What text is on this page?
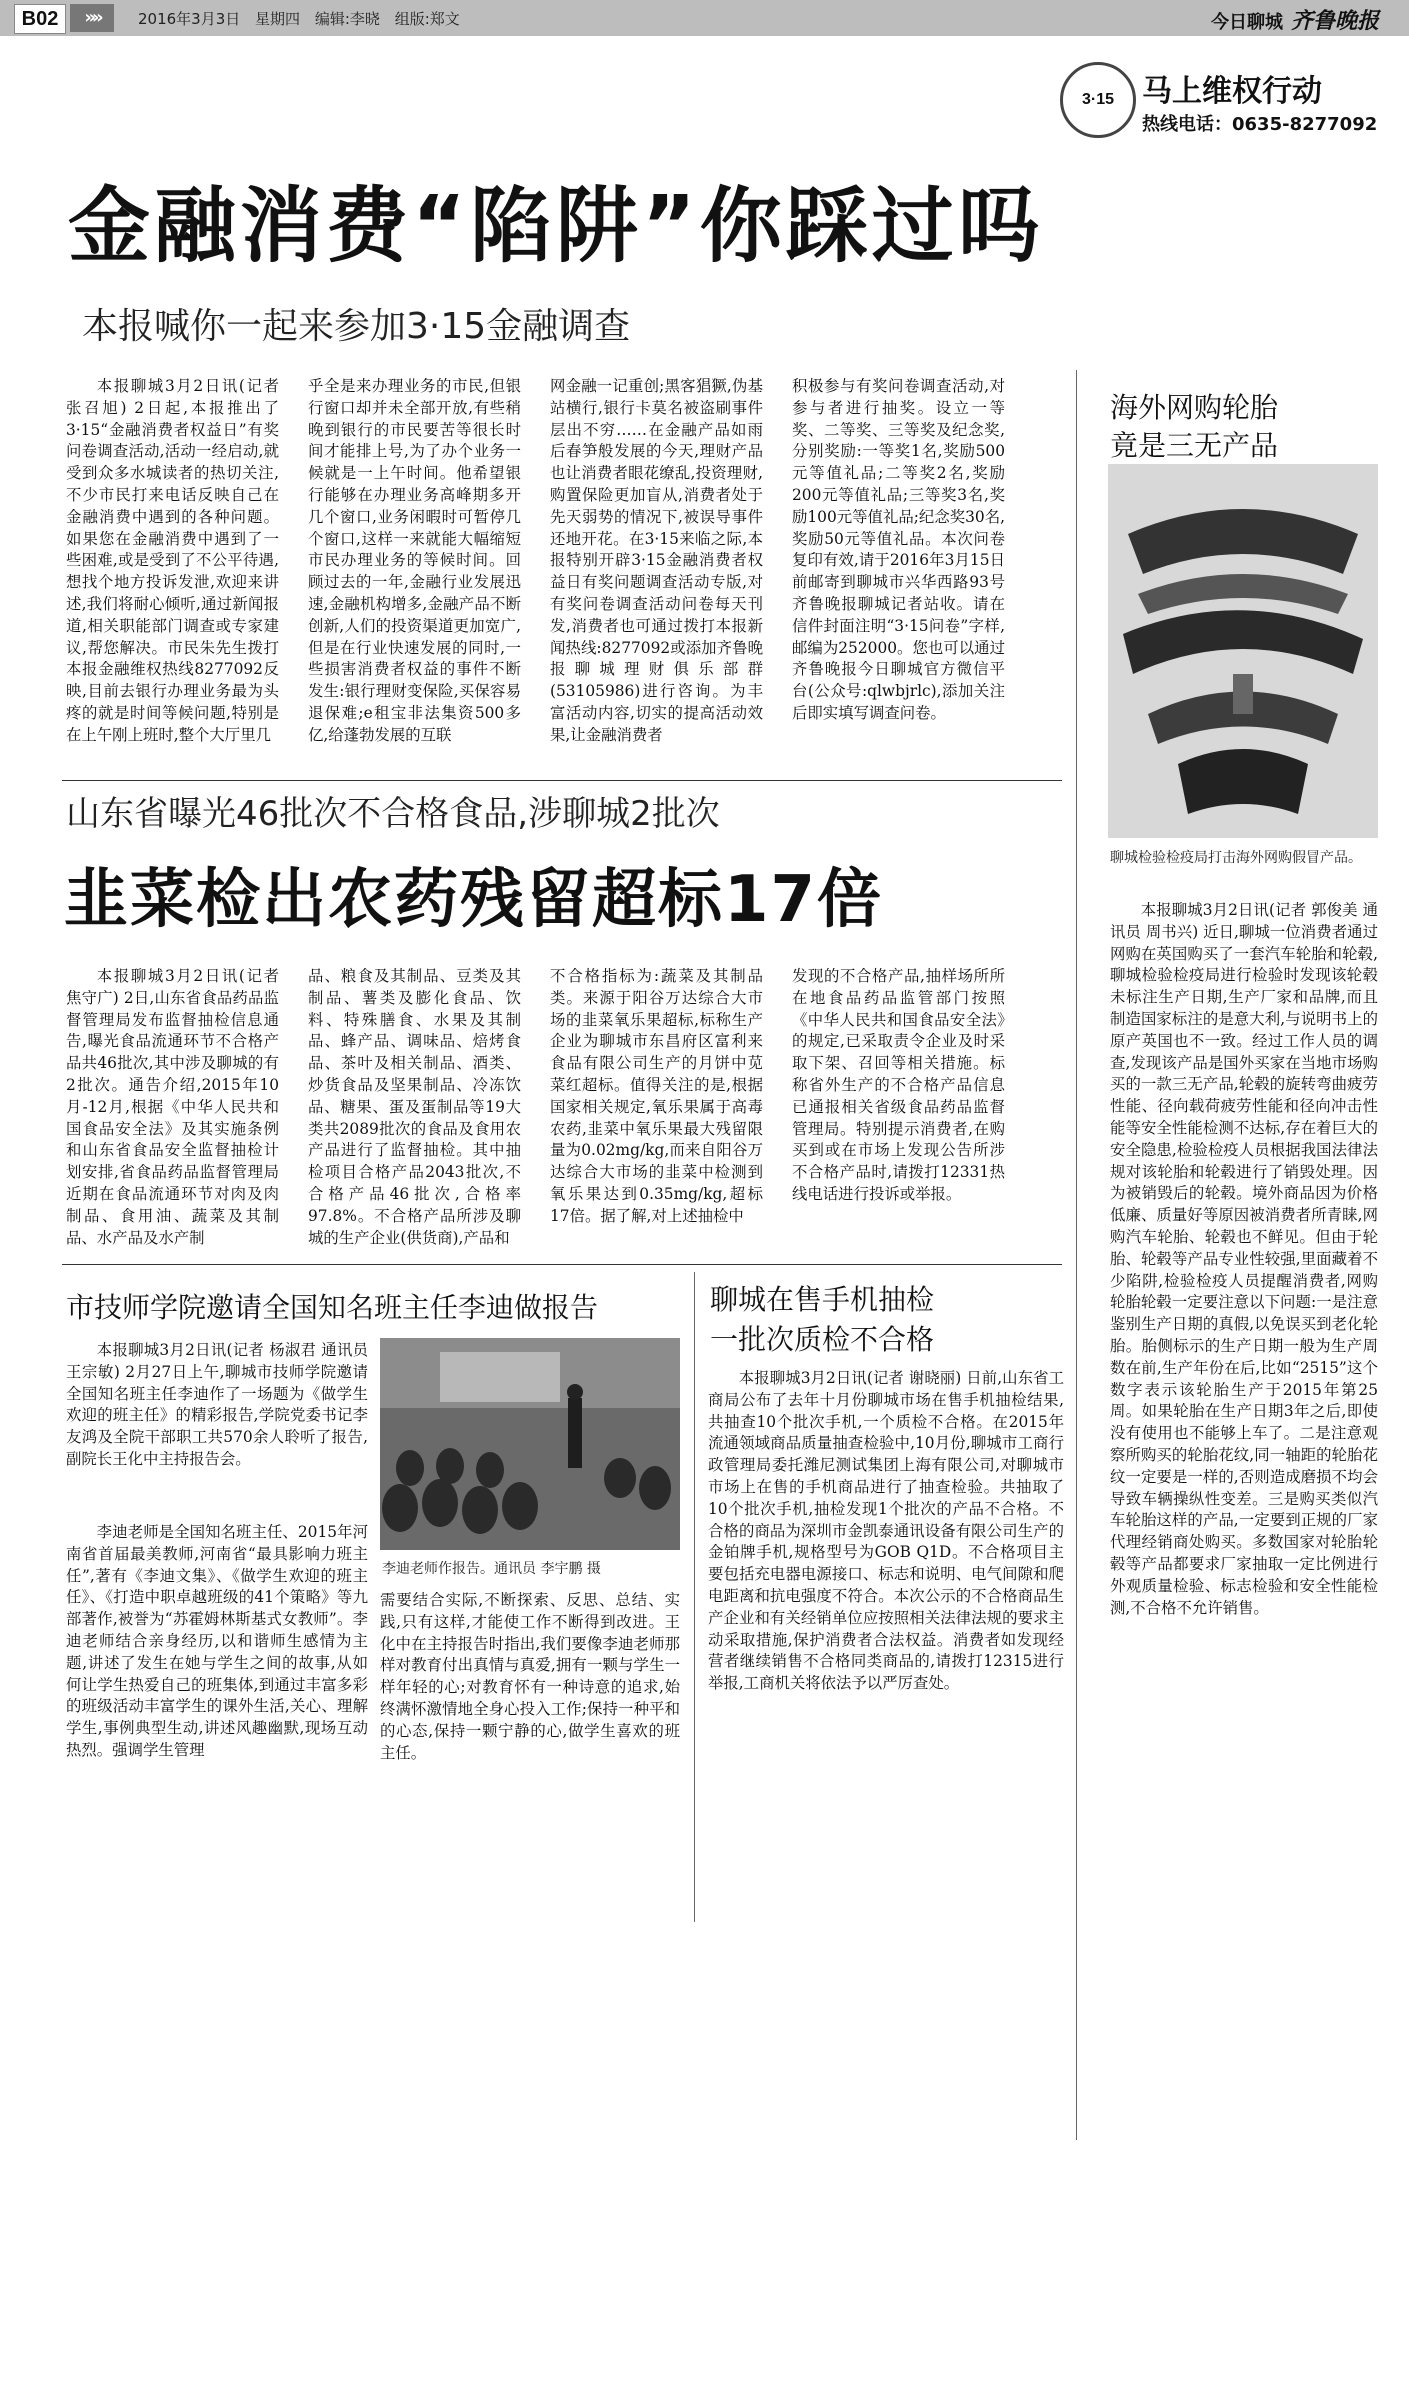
B02	»»	2016年3月3日 星期四 编辑:李晓 组版:郑文	今日聊城 齐鲁晚报
3·15 马上维权行动
热线电话：0635-8277092
金融消费“陷阱”你踩过吗
本报喊你一起来参加3·15金融调查

本报聊城3月2日讯(记者 张召旭) 2日起,本报推出了3·15“金融消费者权益日”有奖问卷调查活动,活动一经启动,就受到众多水城读者的热切关注,不少市民打来电话反映自己在金融消费中遇到的各种问题。如果您在金融消费中遇到了一些困难,或是受到了不公平待遇,想找个地方投诉发泄,欢迎来讲述,我们将耐心倾听,通过新闻报道,相关职能部门调查或专家建议,帮您解决。市民朱先生拨打本报金融维权热线8277092反映,目前去银行办理业务最为头疼的就是时间等候问题,特别是在上午刚上班时,整个大厅里几

乎全是来办理业务的市民,但银行窗口却并未全部开放,有些稍晚到银行的市民要苦等很长时间才能排上号,为了办个业务一候就是一上午时间。他希望银行能够在办理业务高峰期多开几个窗口,业务闲暇时可暂停几个窗口,这样一来就能大幅缩短市民办理业务的等候时间。回顾过去的一年,金融行业发展迅速,金融机构增多,金融产品不断创新,人们的投资渠道更加宽广,但是在行业快速发展的同时,一些损害消费者权益的事件不断发生:银行理财变保险,买保容易退保难;e租宝非法集资500多亿,给蓬勃发展的互联

网金融一记重创;黑客猖獗,伪基站横行,银行卡莫名被盗刷事件层出不穷……在金融产品如雨后春笋般发展的今天,理财产品也让消费者眼花缭乱,投资理财,购置保险更加盲从,消费者处于先天弱势的情况下,被误导事件还地开花。在3·15来临之际,本报特别开辟3·15金融消费者权益日有奖问题调查活动专版,对有奖问卷调查活动问卷每天刊发,消费者也可通过拨打本报新闻热线:8277092或添加齐鲁晚报聊城理财俱乐部群(53105986)进行咨询。为丰富活动内容,切实的提高活动效果,让金融消费者

积极参与有奖问卷调查活动,对参与者进行抽奖。设立一等奖、二等奖、三等奖及纪念奖,分别奖励:一等奖1名,奖励500元等值礼品;二等奖2名,奖励200元等值礼品;三等奖3名,奖励100元等值礼品;纪念奖30名,奖励50元等值礼品。本次问卷复印有效,请于2016年3月15日前邮寄到聊城市兴华西路93号齐鲁晚报聊城记者站收。请在信件封面注明“3·15问卷”字样,邮编为252000。您也可以通过齐鲁晚报今日聊城官方微信平台(公众号:qlwbjrlc),添加关注后即实填写调查问卷。

山东省曝光46批次不合格食品,涉聊城2批次
韭菜检出农药残留超标17倍

本报聊城3月2日讯(记者 焦守广) 2日,山东省食品药品监督管理局发布监督抽检信息通告,曝光食品流通环节不合格产品共46批次,其中涉及聊城的有2批次。通告介绍,2015年10月-12月,根据《中华人民共和国食品安全法》及其实施条例和山东省食品安全监督抽检计划安排,省食品药品监督管理局近期在食品流通环节对肉及肉制品、食用油、蔬菜及其制品、水产品及水产制

品、粮食及其制品、豆类及其制品、薯类及膨化食品、饮料、特殊膳食、水果及其制品、蜂产品、调味品、焙烤食品、茶叶及相关制品、酒类、炒货食品及坚果制品、冷冻饮品、糖果、蛋及蛋制品等19大类共2089批次的食品及食用农产品进行了监督抽检。其中抽检项目合格产品2043批次,不合格产品46批次,合格率97.8%。不合格产品所涉及聊城的生产企业(供货商),产品和

不合格指标为:蔬菜及其制品类。来源于阳谷万达综合大市场的韭菜氧乐果超标,标称生产企业为聊城市东昌府区富利来食品有限公司生产的月饼中苋菜红超标。值得关注的是,根据国家相关规定,氧乐果属于高毒农药,韭菜中氧乐果最大残留限量为0.02mg/kg,而来自阳谷万达综合大市场的韭菜中检测到氧乐果达到0.35mg/kg,超标17倍。据了解,对上述抽检中

发现的不合格产品,抽样场所所在地食品药品监管部门按照《中华人民共和国食品安全法》的规定,已采取责令企业及时采取下架、召回等相关措施。标称省外生产的不合格产品信息已通报相关省级食品药品监督管理局。特别提示消费者,在购买到或在市场上发现公告所涉不合格产品时,请拨打12331热线电话进行投诉或举报。

市技师学院邀请全国知名班主任李迪做报告

本报聊城3月2日讯(记者 杨淑君 通讯员 王宗敏) 2月27日上午,聊城市技师学院邀请全国知名班主任李迪作了一场题为《做学生欢迎的班主任》的精彩报告,学院党委书记李友鸿及全院干部职工共570余人聆听了报告,副院长王化中主持报告会。

李迪老师作报告。通讯员 李宇鹏 摄

李迪老师是全国知名班主任、2015年河南省首届最美教师,河南省“最具影响力班主任”,著有《李迪文集》、《做学生欢迎的班主任》、《打造中职卓越班级的41个策略》等九部著作,被誉为“苏霍姆林斯基式女教师”。李迪老师结合亲身经历,以和谐师生感情为主题,讲述了发生在她与学生之间的故事,从如何让学生热爱自己的班集体,到通过丰富多彩的班级活动丰富学生的课外生活,关心、理解学生,事例典型生动,讲述风趣幽默,现场互动热烈。强调学生管理

需要结合实际,不断探索、反思、总结、实践,只有这样,才能使工作不断得到改进。王化中在主持报告时指出,我们要像李迪老师那样对教育付出真情与真爱,拥有一颗与学生一样年轻的心;对教育怀有一种诗意的追求,始终满怀激情地全身心投入工作;保持一种平和的心态,保持一颗宁静的心,做学生喜欢的班主任。

聊城在售手机抽检
一批次质检不合格

本报聊城3月2日讯(记者 谢晓丽) 日前,山东省工商局公布了去年十月份聊城市场在售手机抽检结果,共抽查10个批次手机,一个质检不合格。在2015年流通领域商品质量抽查检验中,10月份,聊城市工商行政管理局委托潍尼测试集团上海有限公司,对聊城市市场上在售的手机商品进行了抽查检验。共抽取了10个批次手机,抽检发现1个批次的产品不合格。不合格的商品为深圳市金凯泰通讯设备有限公司生产的金铂牌手机,规格型号为GOB Q1D。不合格项目主要包括充电器电源接口、标志和说明、电气间隙和爬电距离和抗电强度不符合。本次公示的不合格商品生产企业和有关经销单位应按照相关法律法规的要求主动采取措施,保护消费者合法权益。消费者如发现经营者继续销售不合格同类商品的,请拨打12315进行举报,工商机关将依法予以严厉查处。

海外网购轮胎
竟是三无产品
聊城检验检疫局打击海外网购假冒产品。

本报聊城3月2日讯(记者 郭俊美 通讯员 周书兴) 近日,聊城一位消费者通过网购在英国购买了一套汽车轮胎和轮毂,聊城检验检疫局进行检验时发现该轮毂未标注生产日期,生产厂家和品牌,而且制造国家标注的是意大利,与说明书上的原产英国也不一致。经过工作人员的调查,发现该产品是国外买家在当地市场购买的一款三无产品,轮毂的旋转弯曲疲劳性能、径向载荷疲劳性能和径向冲击性能等安全性能检测不达标,存在着巨大的安全隐患,检验检疫人员根据我国法律法规对该轮胎和轮毂进行了销毁处理。因为被销毁后的轮毂。境外商品因为价格低廉、质量好等原因被消费者所青睐,网购汽车轮胎、轮毂也不鲜见。但由于轮胎、轮毂等产品专业性较强,里面藏着不少陷阱,检验检疫人员提醒消费者,网购轮胎轮毂一定要注意以下问题:一是注意鉴别生产日期的真假,以免误买到老化轮胎。胎侧标示的生产日期一般为生产周数在前,生产年份在后,比如“2515”这个数字表示该轮胎生产于2015年第25周。如果轮胎在生产日期3年之后,即使没有使用也不能够上车了。二是注意观察所购买的轮胎花纹,同一轴距的轮胎花纹一定要是一样的,否则造成磨损不均会导致车辆操纵性变差。三是购买类似汽车轮胎这样的产品,一定要到正规的厂家代理经销商处购买。多数国家对轮胎轮毂等产品都要求厂家抽取一定比例进行外观质量检验、标志检验和安全性能检测,不合格不允许销售。
